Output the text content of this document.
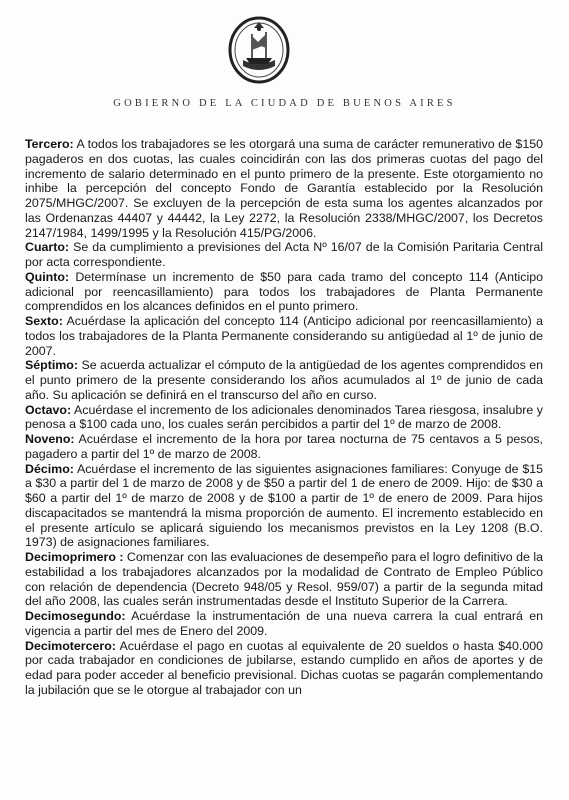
GOBIERNO DE LA CIUDAD DE BUENOS AIRES

Tercero: A todos los trabajadores se les otorgará una suma de carácter remunerativo de $150 pagaderos en dos cuotas, las cuales coincidirán con las dos primeras cuotas del pago del incremento de salario determinado en el punto primero de la presente. Este otorgamiento no inhibe la percepción del concepto Fondo de Garantía establecido por la Resolución 2075/MHGC/2007. Se excluyen de la percepción de esta suma los agentes alcanzados por las Ordenanzas 44407 y 44442, la Ley 2272, la Resolución 2338/MHGC/2007, los Decretos 2147/1984, 1499/1995 y la Resolución 415/PG/2006.

Cuarto: Se da cumplimiento a previsiones del Acta Nº 16/07 de la Comisión Paritaria Central por acta correspondiente.

Quinto: Determínase un incremento de $50 para cada tramo del concepto 114 (Anticipo adicional por reencasillamiento) para todos los trabajadores de Planta Permanente comprendidos en los alcances definidos en el punto primero.

Sexto: Acuérdase la aplicación del concepto 114 (Anticipo adicional por reencasillamiento) a todos los trabajadores de la Planta Permanente considerando su antigüedad al 1º de junio de 2007.

Séptimo: Se acuerda actualizar el cómputo de la antigüedad de los agentes comprendidos en el punto primero de la presente considerando los años acumulados al 1º de junio de cada año. Su aplicación se definirá en el transcurso del año en curso.

Octavo: Acuérdase el incremento de los adicionales denominados Tarea riesgosa, insalubre y penosa a $100 cada uno, los cuales serán percibidos a partir del 1º de marzo de 2008.

Noveno: Acuérdase el incremento de la hora por tarea nocturna de 75 centavos a 5 pesos, pagadero a partir del 1º de marzo de 2008.

Décimo: Acuérdase el incremento de las siguientes asignaciones familiares: Conyuge de $15 a $30 a partir del 1 de marzo de 2008 y de $50 a partir del 1 de enero de 2009. Hijo: de $30 a $60 a partir del 1º de marzo de 2008 y de $100 a partir de 1º de enero de 2009. Para hijos discapacitados se mantendrá la misma proporción de aumento. El incremento establecido en el presente artículo se aplicará siguiendo los mecanismos previstos en la Ley 1208 (B.O. 1973) de asignaciones familiares.

Decimoprimero : Comenzar con las evaluaciones de desempeño para el logro definitivo de la estabilidad a los trabajadores alcanzados por la modalidad de Contrato de Empleo Público con relación de dependencia (Decreto 948/05 y Resol. 959/07) a partir de la segunda mitad del año 2008, las cuales serán instrumentadas desde el Instituto Superior de la Carrera.

Decimosegundo: Acuérdase la instrumentación de una nueva carrera la cual entrará en vigencia a partir del mes de Enero del 2009.

Decimotercero: Acuérdase el pago en cuotas al equivalente de 20 sueldos o hasta $40.000 por cada trabajador en condiciones de jubilarse, estando cumplido en años de aportes y de edad para poder acceder al beneficio previsional. Dichas cuotas se pagarán complementando la jubilación que se le otorgue al trabajador con un
